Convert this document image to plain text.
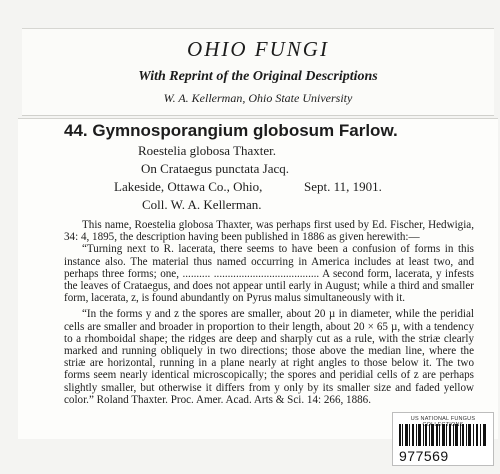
OHIO FUNGI
With Reprint of the Original Descriptions
W. A. Kellerman, Ohio State University
44. Gymnosporangium globosum Farlow.
Roestelia globosa Thaxter.
On Crataegus punctata Jacq.
Lakeside, Ottawa Co., Ohio,	Sept. 11, 1901.
Coll. W. A. Kellerman.

This name, Roestelia globosa Thaxter, was perhaps first used by Ed. Fischer, Hedwigia, 34: 4, 1895, the description having been published in 1886 as given herewith:—

“Turning next to R. lacerata, there seems to have been a confusion of forms in this instance also. The material thus named occurring in America includes at least two, and perhaps three forms; one, .......... ...................................... A second form, lacerata, y infests the leaves of Crataegus, and does not appear until early in August; while a third and smaller form, lacerata, z, is found abundantly on Pyrus malus simultaneously with it.

“In the forms y and z the spores are smaller, about 20 µ in diameter, while the peridial cells are smaller and broader in proportion to their length, about 20 × 65 µ, with a tendency to a rhomboidal shape; the ridges are deep and sharply cut as a rule, with the striæ clearly marked and running obliquely in two directions; those above the median line, where the striæ are horizontal, running in a plane nearly at right angles to those below it. The two forms seem nearly identical microscopically; the spores and peridial cells of z are perhaps slightly smaller, but otherwise it differs from y only by its smaller size and faded yellow color.” Roland Thaxter. Proc. Amer. Acad. Arts & Sci. 14: 266, 1886.

US NATIONAL FUNGUS
977569
